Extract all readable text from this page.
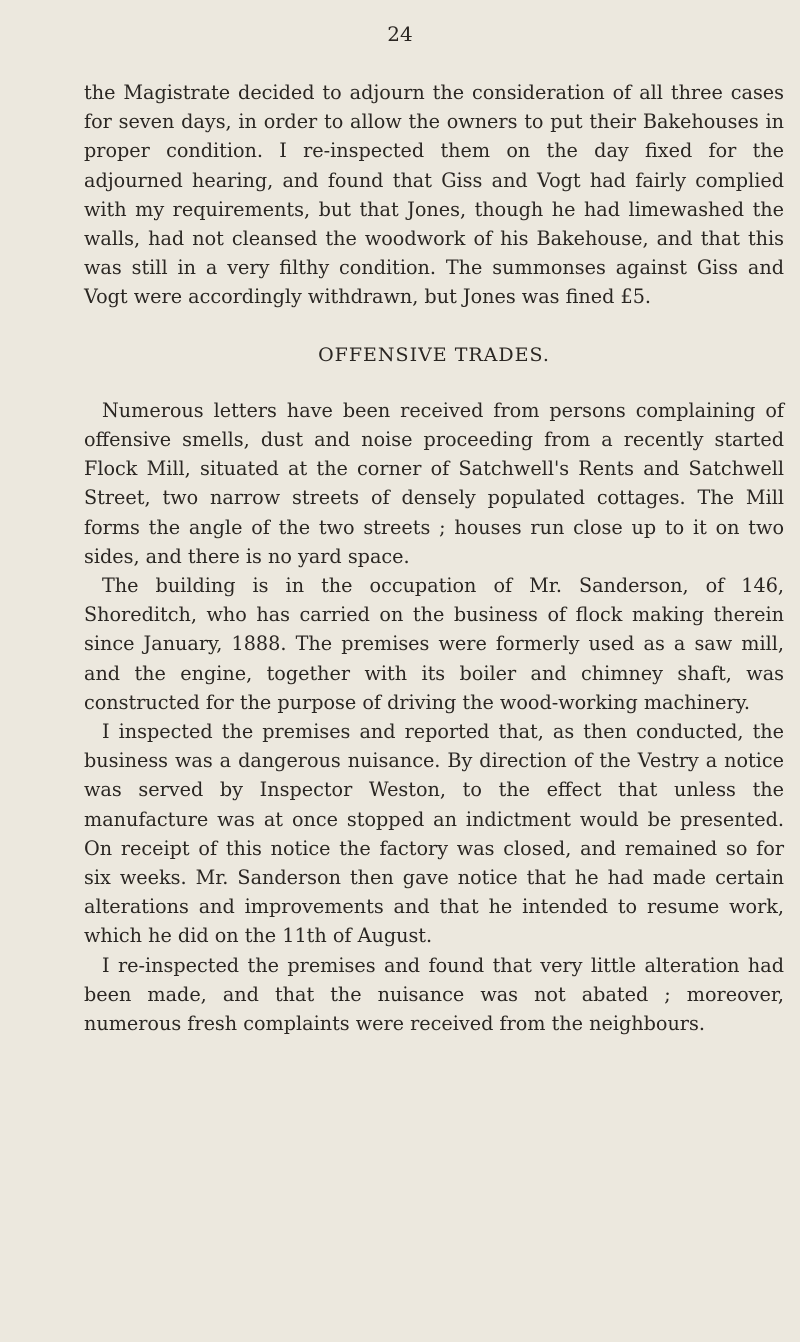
24

the Magistrate decided to adjourn the consideration of all three cases for seven days, in order to allow the owners to put their Bakehouses in proper condition. I re-inspected them on the day fixed for the adjourned hearing, and found that Giss and Vogt had fairly complied with my requirements, but that Jones, though he had limewashed the walls, had not cleansed the woodwork of his Bakehouse, and that this was still in a very filthy condition. The summonses against Giss and Vogt were accordingly withdrawn, but Jones was fined £5.

OFFENSIVE TRADES.

Numerous letters have been received from persons complaining of offensive smells, dust and noise proceeding from a recently started Flock Mill, situated at the corner of Satchwell's Rents and Satchwell Street, two narrow streets of densely populated cottages. The Mill forms the angle of the two streets ; houses run close up to it on two sides, and there is no yard space.

The building is in the occupation of Mr. Sanderson, of 146, Shoreditch, who has carried on the business of flock making therein since January, 1888. The premises were formerly used as a saw mill, and the engine, together with its boiler and chimney shaft, was constructed for the purpose of driving the wood-working machinery.

I inspected the premises and reported that, as then conducted, the business was a dangerous nuisance. By direction of the Vestry a notice was served by Inspector Weston, to the effect that unless the manufacture was at once stopped an indictment would be presented. On receipt of this notice the factory was closed, and remained so for six weeks. Mr. Sanderson then gave notice that he had made certain alterations and improvements and that he intended to resume work, which he did on the 11th of August.

I re-inspected the premises and found that very little alteration had been made, and that the nuisance was not abated ; moreover, numerous fresh complaints were received from the neighbours.
